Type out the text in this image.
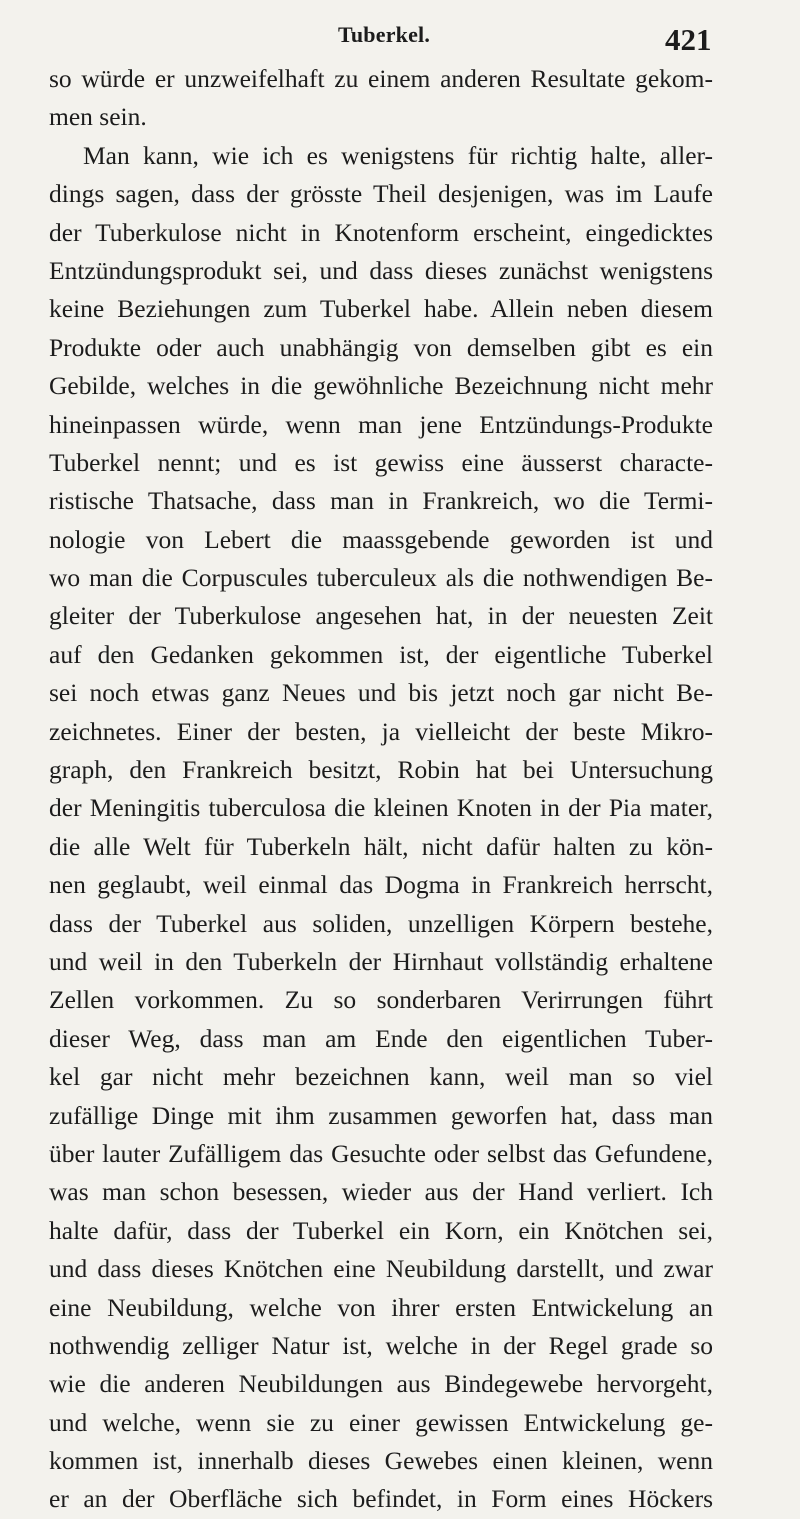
Tuberkel.	421
so würde er unzweifelhaft zu einem anderen Resultate gekom-
men sein.
Man kann, wie ich es wenigstens für richtig halte, aller-
dings sagen, dass der grösste Theil desjenigen, was im Laufe
der Tuberkulose nicht in Knotenform erscheint, eingedicktes
Entzündungsprodukt sei, und dass dieses zunächst wenigstens
keine Beziehungen zum Tuberkel habe. Allein neben diesem
Produkte oder auch unabhängig von demselben gibt es ein
Gebilde, welches in die gewöhnliche Bezeichnung nicht mehr
hineinpassen würde, wenn man jene Entzündungs-Produkte
Tuberkel nennt; und es ist gewiss eine äusserst characte-
ristische Thatsache, dass man in Frankreich, wo die Termi-
nologie von Lebert die maassgebende geworden ist und
wo man die Corpuscules tuberculeux als die nothwendigen Be-
gleiter der Tuberkulose angesehen hat, in der neuesten Zeit
auf den Gedanken gekommen ist, der eigentliche Tuberkel
sei noch etwas ganz Neues und bis jetzt noch gar nicht Be-
zeichnetes. Einer der besten, ja vielleicht der beste Mikro-
graph, den Frankreich besitzt, Robin hat bei Untersuchung
der Meningitis tuberculosa die kleinen Knoten in der Pia mater,
die alle Welt für Tuberkeln hält, nicht dafür halten zu kön-
nen geglaubt, weil einmal das Dogma in Frankreich herrscht,
dass der Tuberkel aus soliden, unzelligen Körpern bestehe,
und weil in den Tuberkeln der Hirnhaut vollständig erhaltene
Zellen vorkommen. Zu so sonderbaren Verirrungen führt
dieser Weg, dass man am Ende den eigentlichen Tuber-
kel gar nicht mehr bezeichnen kann, weil man so viel
zufällige Dinge mit ihm zusammen geworfen hat, dass man
über lauter Zufälligem das Gesuchte oder selbst das Gefundene,
was man schon besessen, wieder aus der Hand verliert. Ich
halte dafür, dass der Tuberkel ein Korn, ein Knötchen sei,
und dass dieses Knötchen eine Neubildung darstellt, und zwar
eine Neubildung, welche von ihrer ersten Entwickelung an
nothwendig zelliger Natur ist, welche in der Regel grade so
wie die anderen Neubildungen aus Bindegewebe hervorgeht,
und welche, wenn sie zu einer gewissen Entwickelung ge-
kommen ist, innerhalb dieses Gewebes einen kleinen, wenn
er an der Oberfläche sich befindet, in Form eines Höckers
